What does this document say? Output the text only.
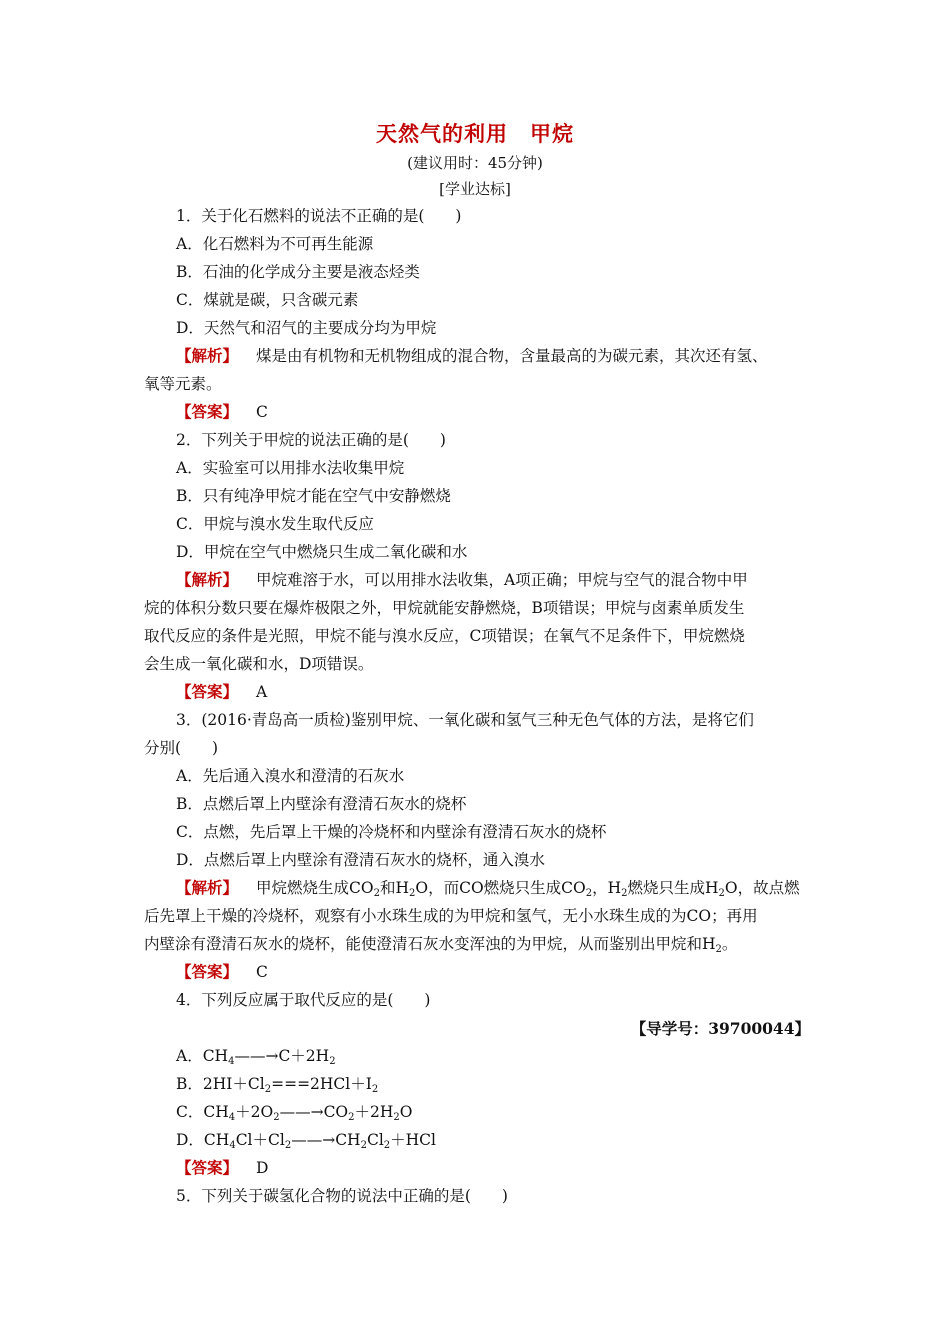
天然气的利用　甲烷
(建议用时：45分钟)
[学业达标]
1．关于化石燃料的说法不正确的是(　　)
A．化石燃料为不可再生能源
B．石油的化学成分主要是液态烃类
C．煤就是碳，只含碳元素
D．天然气和沼气的主要成分均为甲烷
【解析】 煤是由有机物和无机物组成的混合物，含量最高的为碳元素，其次还有氢、
氧等元素。
【答案】 C
2．下列关于甲烷的说法正确的是(　　)
A．实验室可以用排水法收集甲烷
B．只有纯净甲烷才能在空气中安静燃烧
C．甲烷与溴水发生取代反应
D．甲烷在空气中燃烧只生成二氧化碳和水
【解析】 甲烷难溶于水，可以用排水法收集，A项正确；甲烷与空气的混合物中甲
烷的体积分数只要在爆炸极限之外，甲烷就能安静燃烧，B项错误；甲烷与卤素单质发生
取代反应的条件是光照，甲烷不能与溴水反应，C项错误；在氧气不足条件下，甲烷燃烧
会生成一氧化碳和水，D项错误。
【答案】 A
3．(2016·青岛高一质检)鉴别甲烷、一氧化碳和氢气三种无色气体的方法，是将它们
分别(　　)
A．先后通入溴水和澄清的石灰水
B．点燃后罩上内壁涂有澄清石灰水的烧杯
C．点燃，先后罩上干燥的冷烧杯和内壁涂有澄清石灰水的烧杯
D．点燃后罩上内壁涂有澄清石灰水的烧杯，通入溴水
【解析】 甲烷燃烧生成$CO_2$和$H_2O$，而CO燃烧只生成$CO_2$，$H_2$燃烧只生成$H_2O$，故点燃
后先罩上干燥的冷烧杯，观察有小水珠生成的为甲烷和氢气，无小水珠生成的为CO；再用
内壁涂有澄清石灰水的烧杯，能使澄清石灰水变浑浊的为甲烷，从而鉴别出甲烷和$H_2$。
【答案】 C
4．下列反应属于取代反应的是(　　)
【导学号：39700044】
A．$CH_4——\to C+2H_2$
B．$2HI+Cl_2===2HCl+I_2$
C．$CH_4+2O_2——\to CO_2+2H_2O$
D．$CH_4Cl+Cl_2——\to CH_2Cl_2+HCl$
【答案】 D
5．下列关于碳氢化合物的说法中正确的是(　　)
